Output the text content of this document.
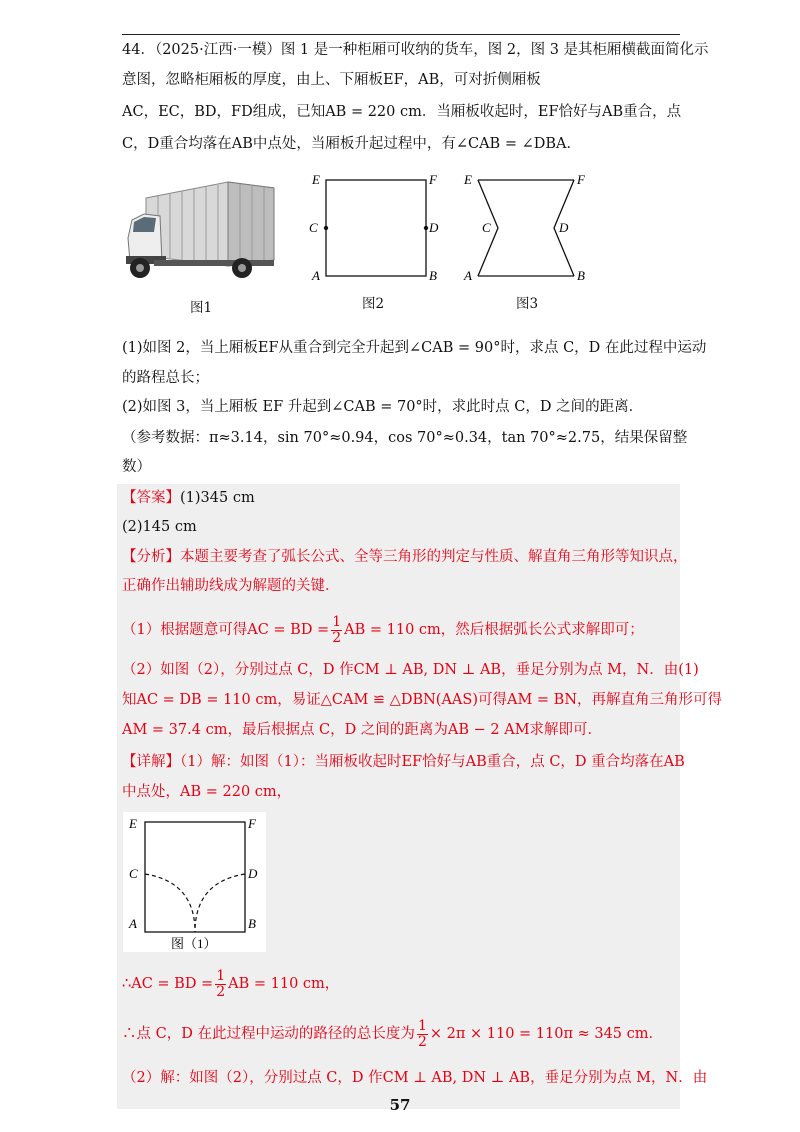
44．（2025·江西·一模）图 1 是一种柜厢可收纳的货车，图 2，图 3 是其柜厢横截面简化示
意图，忽略柜厢板的厚度，由上、下厢板EF，AB，可对折侧厢板
AC，EC，BD，FD组成，已知AB = 220 cm．当厢板收起时，EF恰好与AB重合，点
C，D重合均落在AB中点处，当厢板升起过程中，有∠CAB = ∠DBA．
图1
E	F
C	D
A	B
图2
E	F
C	D
A	B
图3
(1)如图 2，当上厢板EF从重合到完全升起到∠CAB = 90°时，求点 C，D 在此过程中运动
的路程总长；
(2)如图 3，当上厢板 EF 升起到∠CAB = 70°时，求此时点 C，D 之间的距离．
（参考数据：π≈3.14，sin 70°≈0.94，cos 70°≈0.34，tan 70°≈2.75，结果保留整
数）
【答案】(1)345 cm
(2)145 cm
【分析】本题主要考查了弧长公式、全等三角形的判定与性质、解直角三角形等知识点，
正确作出辅助线成为解题的关键．
（1）根据题意可得AC = BD = $\frac{1}{2}$ AB = 110 cm，然后根据弧长公式求解即可；
（2）如图（2），分别过点 C，D 作CM ⊥ AB, DN ⊥ AB，垂足分别为点 M，N．由(1)
知AC = DB = 110 cm，易证△CAM ≌ △DBN(AAS)可得AM = BN，再解直角三角形可得
AM = 37.4 cm，最后根据点 C，D 之间的距离为AB − 2 AM求解即可．
【详解】（1）解：如图（1）：当厢板收起时EF恰好与AB重合，点 C，D 重合均落在AB
中点处，AB = 220 cm，
E	F
C	D
A	B
图（1）
∴AC = BD = $\frac{1}{2}$ AB = 110 cm，
∴点 C，D 在此过程中运动的路径的总长度为 $\frac{1}{2} \times 2\pi \times 110 = 110\pi \approx 345$ cm．
（2）解：如图（2），分别过点 C，D 作CM ⊥ AB, DN ⊥ AB，垂足分别为点 M，N．由
57
